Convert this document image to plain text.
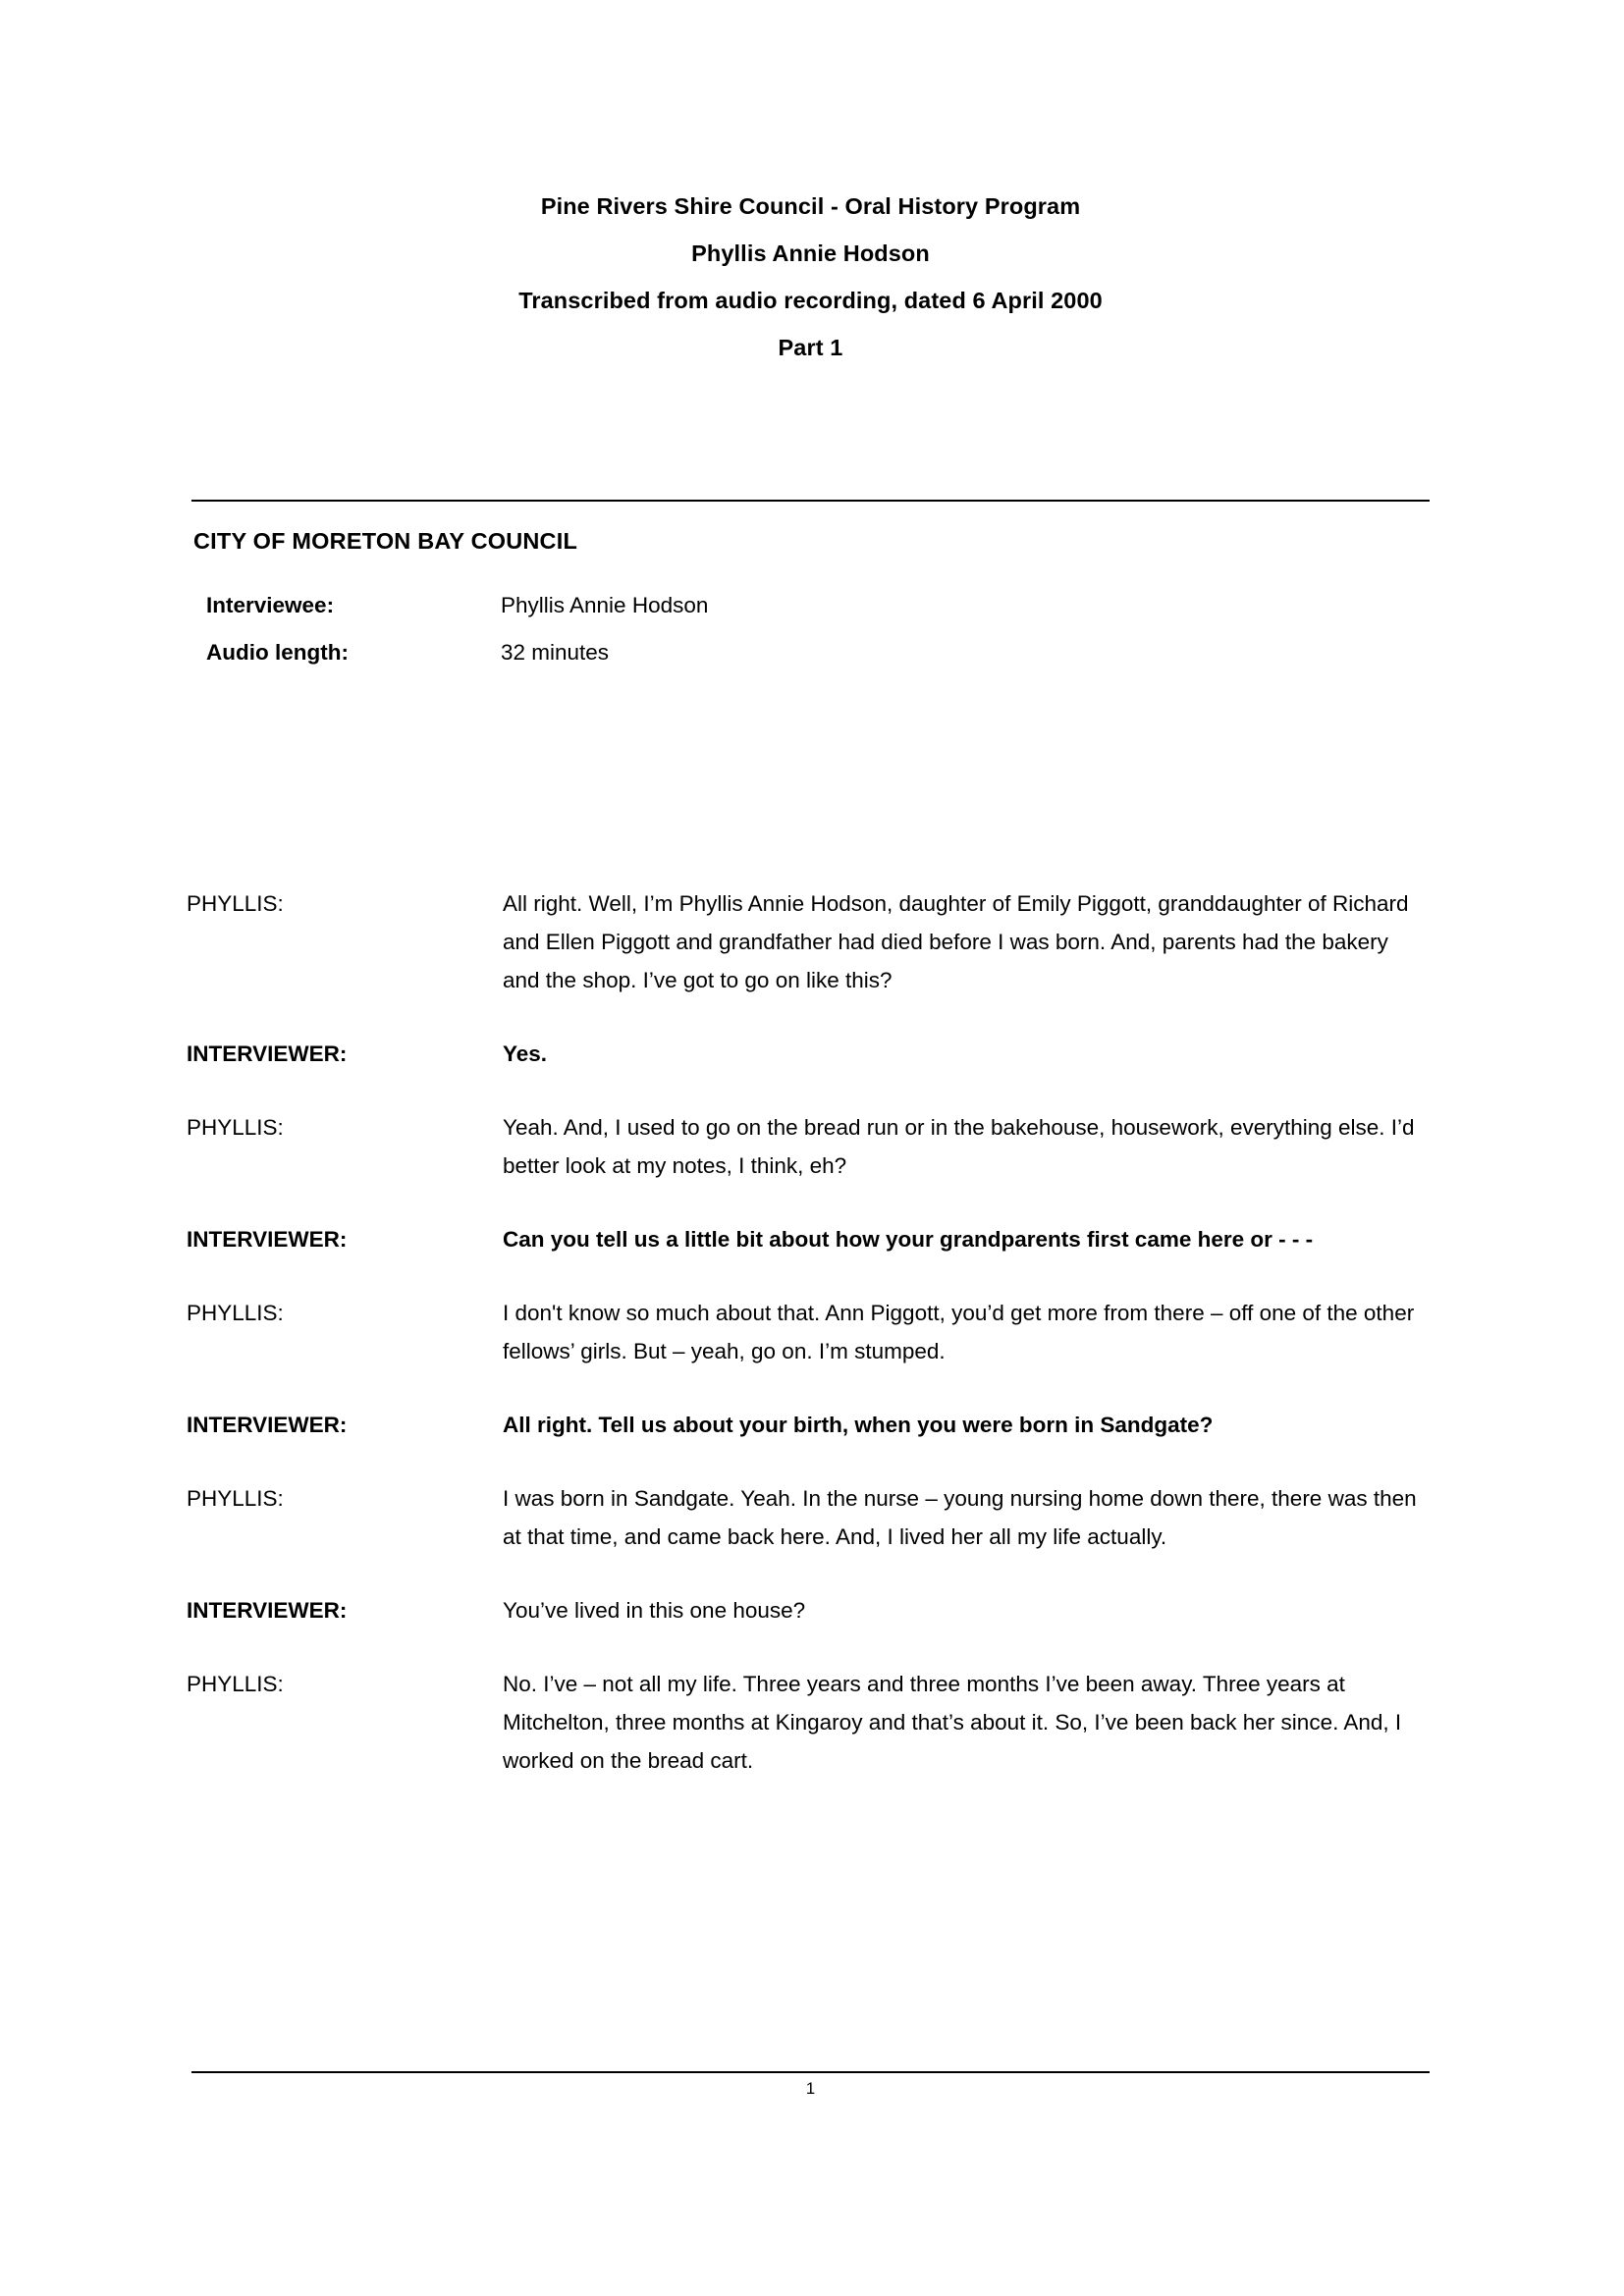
Pine Rivers Shire Council - Oral History Program
Phyllis Annie Hodson
Transcribed from audio recording, dated 6 April 2000
Part 1
CITY OF MORETON BAY COUNCIL
Interviewee:	Phyllis Annie Hodson
Audio length:	32 minutes
PHYLLIS:	All right. Well, I’m Phyllis Annie Hodson, daughter of Emily Piggott, granddaughter of Richard and Ellen Piggott and grandfather had died before I was born. And, parents had the bakery and the shop. I’ve got to go on like this?
INTERVIEWER:	Yes.
PHYLLIS:	Yeah. And, I used to go on the bread run or in the bakehouse, housework, everything else. I’d better look at my notes, I think, eh?
INTERVIEWER:	Can you tell us a little bit about how your grandparents first came here or - - -
PHYLLIS:	I don't know so much about that. Ann Piggott, you’d get more from there – off one of the other fellows’ girls. But – yeah, go on. I’m stumped.
INTERVIEWER:	All right. Tell us about your birth, when you were born in Sandgate?
PHYLLIS:	I was born in Sandgate. Yeah. In the nurse – young nursing home down there, there was then at that time, and came back here. And, I lived her all my life actually.
INTERVIEWER:	You’ve lived in this one house?
PHYLLIS:	No. I’ve – not all my life. Three years and three months I’ve been away. Three years at Mitchelton, three months at Kingaroy and that’s about it. So, I’ve been back her since. And, I worked on the bread cart.
1
